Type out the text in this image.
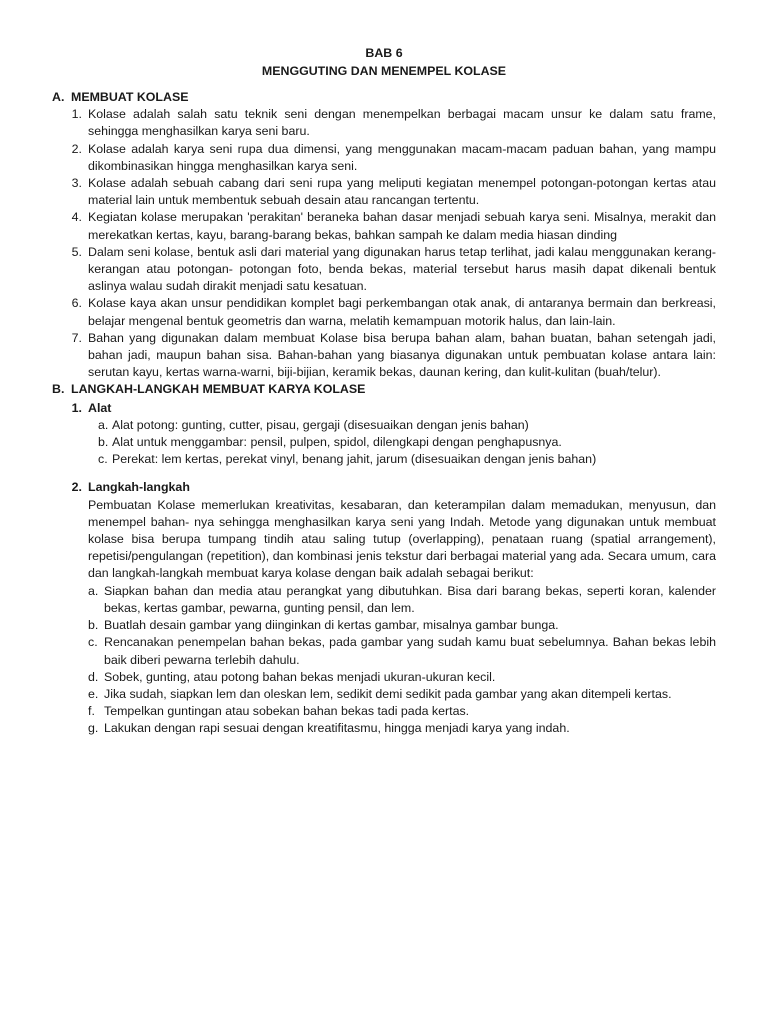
BAB 6

MENGGUTING DAN MENEMPEL KOLASE

A. MEMBUAT KOLASE
1. Kolase adalah salah satu teknik seni dengan menempelkan berbagai macam unsur ke dalam satu frame, sehingga menghasilkan karya seni baru.
2. Kolase adalah karya seni rupa dua dimensi, yang menggunakan macam-macam paduan bahan, yang mampu dikombinasikan hingga menghasilkan karya seni.
3. Kolase adalah sebuah cabang dari seni rupa yang meliputi kegiatan menempel potongan-potongan kertas atau material lain untuk membentuk sebuah desain atau rancangan tertentu.
4. Kegiatan kolase merupakan 'perakitan' beraneka bahan dasar menjadi sebuah karya seni. Misalnya, merakit dan merekatkan kertas, kayu, barang-barang bekas, bahkan sampah ke dalam media hiasan dinding
5. Dalam seni kolase, bentuk asli dari material yang digunakan harus tetap terlihat, jadi kalau menggunakan kerang-kerangan atau potongan- potongan foto, benda bekas, material tersebut harus masih dapat dikenali bentuk aslinya walau sudah dirakit menjadi satu kesatuan.
6. Kolase kaya akan unsur pendidikan komplet bagi perkembangan otak anak, di antaranya bermain dan berkreasi, belajar mengenal bentuk geometris dan warna, melatih kemampuan motorik halus, dan lain-lain.
7. Bahan yang digunakan dalam membuat Kolase bisa berupa bahan alam, bahan buatan, bahan setengah jadi, bahan jadi, maupun bahan sisa. Bahan-bahan yang biasanya digunakan untuk pembuatan kolase antara lain: serutan kayu, kertas warna-warni, biji-bijian, keramik bekas, daunan kering, dan kulit-kulitan (buah/telur).
B. LANGKAH-LANGKAH MEMBUAT KARYA KOLASE
1. Alat
a. Alat potong: gunting, cutter, pisau, gergaji (disesuaikan dengan jenis bahan)
b. Alat untuk menggambar: pensil, pulpen, spidol, dilengkapi dengan penghapusnya.
c. Perekat: lem kertas, perekat vinyl, benang jahit, jarum (disesuaikan dengan jenis bahan)
2. Langkah-langkah

Pembuatan Kolase memerlukan kreativitas, kesabaran, dan keterampilan dalam memadukan, menyusun, dan menempel bahan- nya sehingga menghasilkan karya seni yang Indah. Metode yang digunakan untuk membuat kolase bisa berupa tumpang tindih atau saling tutup (overlapping), penataan ruang (spatial arrangement), repetisi/pengulangan (repetition), dan kombinasi jenis tekstur dari berbagai material yang ada. Secara umum, cara dan langkah-langkah membuat karya kolase dengan baik adalah sebagai berikut:

a. Siapkan bahan dan media atau perangkat yang dibutuhkan. Bisa dari barang bekas, seperti koran, kalender bekas, kertas gambar, pewarna, gunting pensil, dan lem.
b. Buatlah desain gambar yang diinginkan di kertas gambar, misalnya gambar bunga.
c. Rencanakan penempelan bahan bekas, pada gambar yang sudah kamu buat sebelumnya. Bahan bekas lebih baik diberi pewarna terlebih dahulu.
d. Sobek, gunting, atau potong bahan bekas menjadi ukuran-ukuran kecil.
e. Jika sudah, siapkan lem dan oleskan lem, sedikit demi sedikit pada gambar yang akan ditempeli kertas.
f. Tempelkan guntingan atau sobekan bahan bekas tadi pada kertas.
g. Lakukan dengan rapi sesuai dengan kreatifitasmu, hingga menjadi karya yang indah.
